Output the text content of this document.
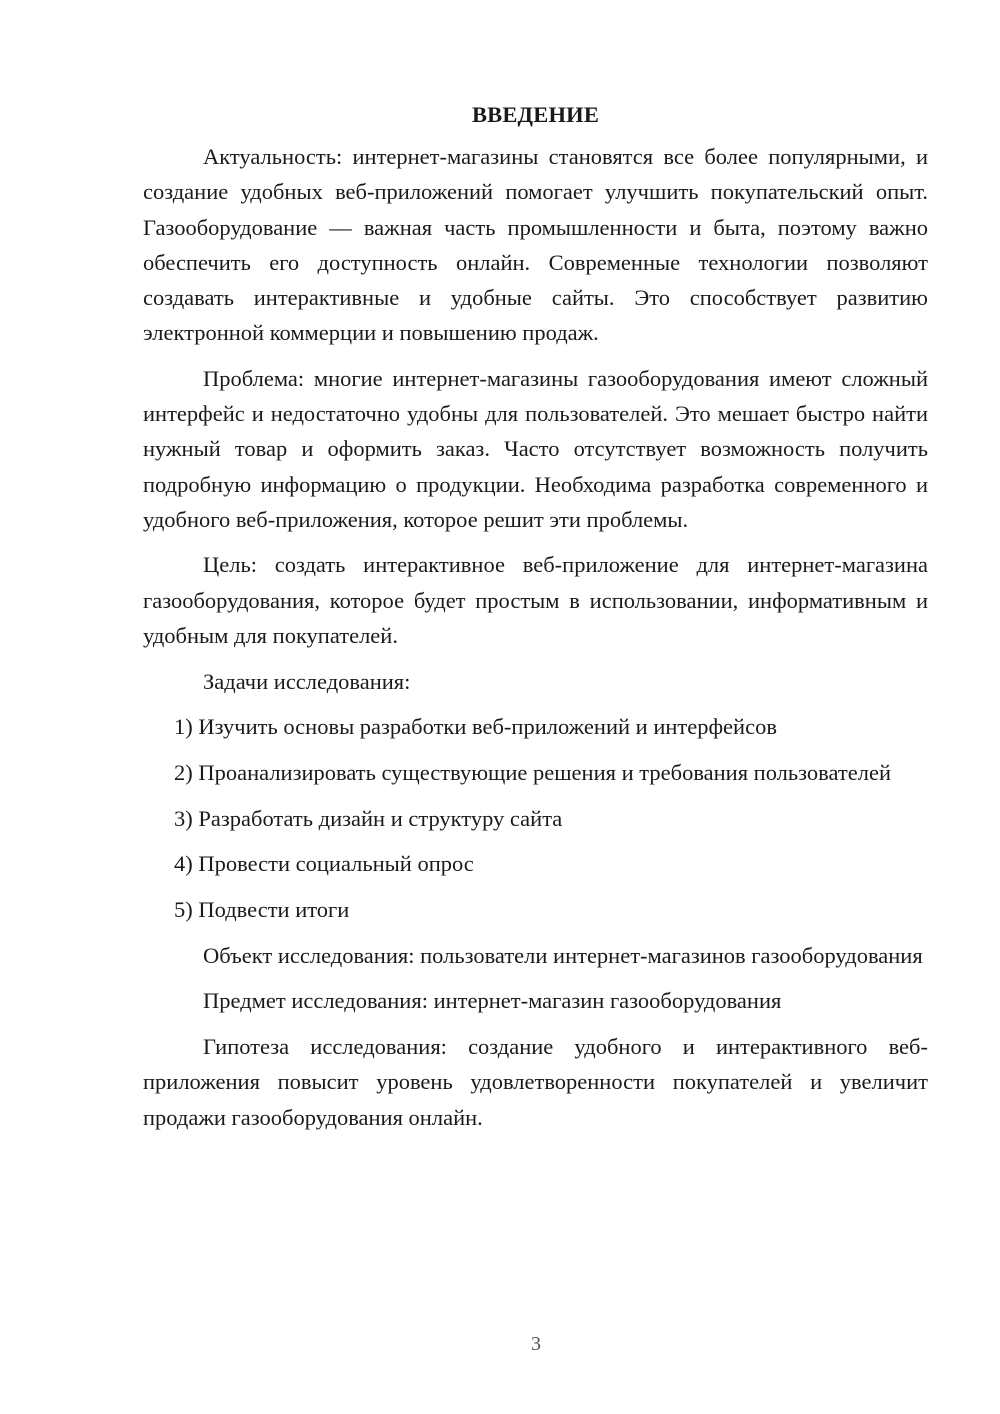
ВВЕДЕНИЕ

Актуальность: интернет-магазины становятся все более популярными, и создание удобных веб-приложений помогает улучшить покупательский опыт. Газооборудование — важная часть промышленности и быта, поэтому важно обеспечить его доступность онлайн. Современные технологии позволяют создавать интерактивные и удобные сайты. Это способствует развитию электронной коммерции и повышению продаж.

Проблема: многие интернет-магазины газооборудования имеют сложный интерфейс и недостаточно удобны для пользователей. Это мешает быстро найти нужный товар и оформить заказ. Часто отсутствует возможность получить подробную информацию о продукции. Необходима разработка современного и удобного веб-приложения, которое решит эти проблемы.

Цель: создать интерактивное веб-приложение для интернет-магазина газооборудования, которое будет простым в использовании, информативным и удобным для покупателей.

Задачи исследования:

1) Изучить основы разработки веб-приложений и интерфейсов

2) Проанализировать существующие решения и требования пользователей

3) Разработать дизайн и структуру сайта

4) Провести социальный опрос

5) Подвести итоги

Объект исследования: пользователи интернет-магазинов газооборудования

Предмет исследования: интернет-магазин газооборудования

Гипотеза исследования: создание удобного и интерактивного веб-приложения повысит уровень удовлетворенности покупателей и увеличит продажи газооборудования онлайн.

3
